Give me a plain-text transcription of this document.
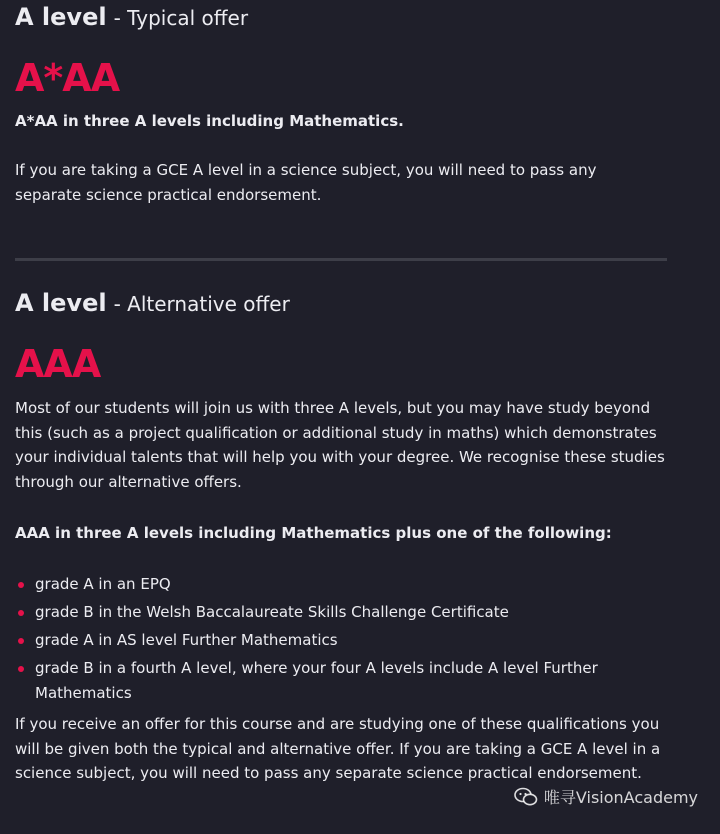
A level - Typical offer

A*AA

A*AA in three A levels including Mathematics.

If you are taking a GCE A level in a science subject, you will need to pass any separate science practical endorsement.

A level - Alternative offer

AAA

Most of our students will join us with three A levels, but you may have study beyond this (such as a project qualification or additional study in maths) which demonstrates your individual talents that will help you with your degree. We recognise these studies through our alternative offers.

AAA in three A levels including Mathematics plus one of the following:

grade A in an EPQ
grade B in the Welsh Baccalaureate Skills Challenge Certificate
grade A in AS level Further Mathematics
grade B in a fourth A level, where your four A levels include A level Further Mathematics

If you receive an offer for this course and are studying one of these qualifications you will be given both the typical and alternative offer. If you are taking a GCE A level in a science subject, you will need to pass any separate science practical endorsement.

唯寻VisionAcademy
